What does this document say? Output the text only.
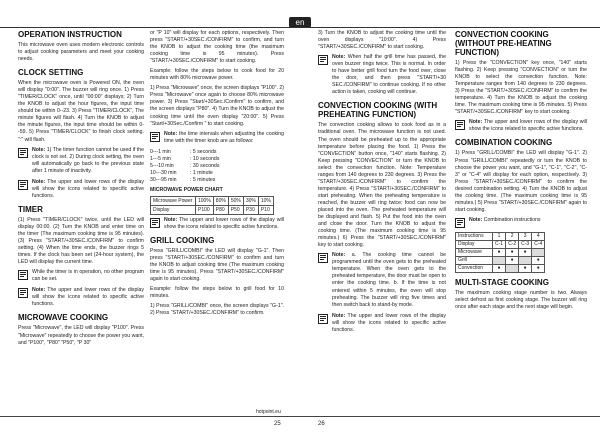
en
OPERATION INSTRUCTION

This microwave oven uses modern electronic controls to adjust cooking parameters and meet your cooking needs.

CLOCK SETTING

When the microwave oven is Powered ON, the oven will display "0:00". The buzzer will ring once. 1) Press "TIMER/CLOCK" once, until "00:00" displays; 2) Turn the KNOB to adjust the hour figures, the input time should be within 0--23. 3) Press "TIMER/CLOCK", The minute figures will flash. 4) Turn the KNOB to adjust the minute figures, the input time should be within 0--59. 5) Press "TIMER/CLOCK" to finish clock setting. ":" will flash.

Note: 1) The timer function cannot be used if the clock is not set. 2) During clock setting, the oven will automatically go back to the previous state after 1 minute of inactivity.
Note: The upper and lower rows of the display will show the icons related to specific active functions.
TIMER

(1) Press "TIMER/CLOCK" twice, until the LED will display 00:00. (2) Turn the KNOB and enter time on the timer (The maximum cooking time is 95 minutes). (3) Press "START/+30SEC./CONFIRM" to confirm setting. (4) When the time ends, the buzzer rings 5 times. If the clock has been set (24-hour system), the LED will display the current time.

While the timer is in operation, no other program can be set.
Note: The upper and lower rows of the display will show the icons related to specific active functions.
MICROWAVE COOKING

Press "Microwave", the LED will display "P100". Press "Microwave" repeatedly to choose the power you want, and "P100", "P80" "P50", "P 30"

or "P 10" will display for each options, respectively. Then press "START/+30SEC./CONFIRM" to confirm, and turn the KNOB to adjust the cooking time (the maximum cooking time is 95 minutes). Press "START/+30SEC./CONFIRM" to start cooking.

Example: follow the steps below to cook food for 20 minutes with 80% microwave power.

1) Press "Microwave" once, the screen displays "P100". 2) Press "Microwave" once again to choose 80% microwave power. 3) Press "Start/+30Sec./Confirm" to confirm, and the screen displays "P80". 4) Turn the KNOB to adjust the cooking time until the oven display "20:00". 5) Press "Start/+30Sec./Confirm " to start cooking.

Note: the time intervals when adjusting the cooking time with the timer knob are as follows:
0---1 min	: 5 seconds
1---5 min	: 10 seconds
5---10 min	: 30 seconds
10---30 min	: 1 minute
30---95 min	: 5 minutes
MICROWAVE POWER CHART
Microwave Power	100%	80%	50%	30%	10%
Display	P100	P80	P50	P30	P10
Note: The upper and lower rows of the display will show the icons related to specific active functions.
GRILL COOKING

Press "GRILL/COMBI" the LED will display "G-1". Then press "START/+30SEC./CONFIRM" to confirm and turn the KNOB to adjust cooking time (The maximum cooking time is 95 minutes). Press "START/+30SEC./CONFIRM" again to start cooking.

Example: follow the steps below to grill food for 10 minutes.

1) Press "GRILL/COMBI" once, the screen displays "G-1". 2) Press "START/+30SEC./CONFIRM" to confirm.

3) Turn the KNOB to adjust the cooking time until the oven displays "10:00". 4) Press "START/+30SEC./CONFIRM" to start cooking.

Note: When half the grill time has passed, the oven buzzer rings twice. This is normal. In order to have better grill food turn the food over, close the door, and then press "START/+30 SEC./CONFIRM" to continue cooking. If no other action is taken, cooking will continue.
CONVECTION COOKING (WITH PREHEATING FUNCTION)

The convection cooking allows to cook food as in a traditional oven. The microwave function is not used. The oven should be preheated up to the appropriate temperature before placing the food. 1) Press the "CONVECTION" button once, "140" starts flashing. 2) Keep pressing "CONVECTION" or turn the KNOB to select the convection function. Note: Temperature ranges from 140 degrees to 230 degrees. 3) Press the "START/+30SEC./CONFIRM" to confirm the temperature. 4) Press "START/+30SEC./CONFIRM" to start preheating. When the preheating temperature is reached, the buzzer will ring twice; food can now be placed into the oven. The preheated temperature will be displayed and flash. 5) Put the food into the oven and close the door. Turn the KNOB to adjust the cooking time. (The maximum cooking time is 95 minutes.) 6) Press the "START/+30SEC./CONFIRM" key to start cooking.

Note: a. The cooking time cannot be programmed until the oven gets to the preheated temperature. When the oven gets to the preheated temperature, the door must be open to enter the cooking time. b. If the time is not entered within 5 minutes, the oven will stop preheating. The buzzer will ring five times and then switch back to stand-by mode.
Note: The upper and lower rows of the display will show the icons related to specific active functions.
CONVECTION COOKING (WITHOUT PRE-HEATING FUNCTION)

1) Press the "CONVECTION" key once, "140" starts flashing. 2) Keep pressing "CONVECTION" or turn the KNOB to select the convection function. Note: Temperature ranges from 140 degrees to 230 degrees. 3) Press the "START/+30SEC./CONFIRM" to confirm the temperature. 4) Turn the KNOB to adjust the cooking time. The maximum cooking time is 95 minutes. 5) Press "START/+30SEC./CONFIRM" key to start cooking.

Note: The upper and lower rows of the display will show the icons related to specific active functions.
COMBINATION COOKING

1) Press "GRILL/COMBI" the LED will display "G-1". 2) Press "GRILL/COMBI" repeatedly or turn the KNOB to choose the power you want, and "G-1", "C-1", "C-2", "C-3" or "C-4" will display for each option, respectively. 3) Press "START/+30SEC./CONFIRM" to confirm the desired combination setting. 4) Turn the KNOB to adjust the cooking time. (The maximum cooking time is 95 minutes.) 5) Press "START/+30SEC./CONFIRM" again to start cooking.

Note: Combination instructions
Instructions	1	2	3	4
Display	C-1	C-2	C-3	C-4
Microwave	●	●	●	
Grill		●		●
Convection	●		●	●
MULTI-STAGE COOKING

The maximum cooking stage number is two. Always select defrost as first cooking stage. The buzzer will ring once after each stage and the next stage will begin.

hotpoint.eu
25	26
